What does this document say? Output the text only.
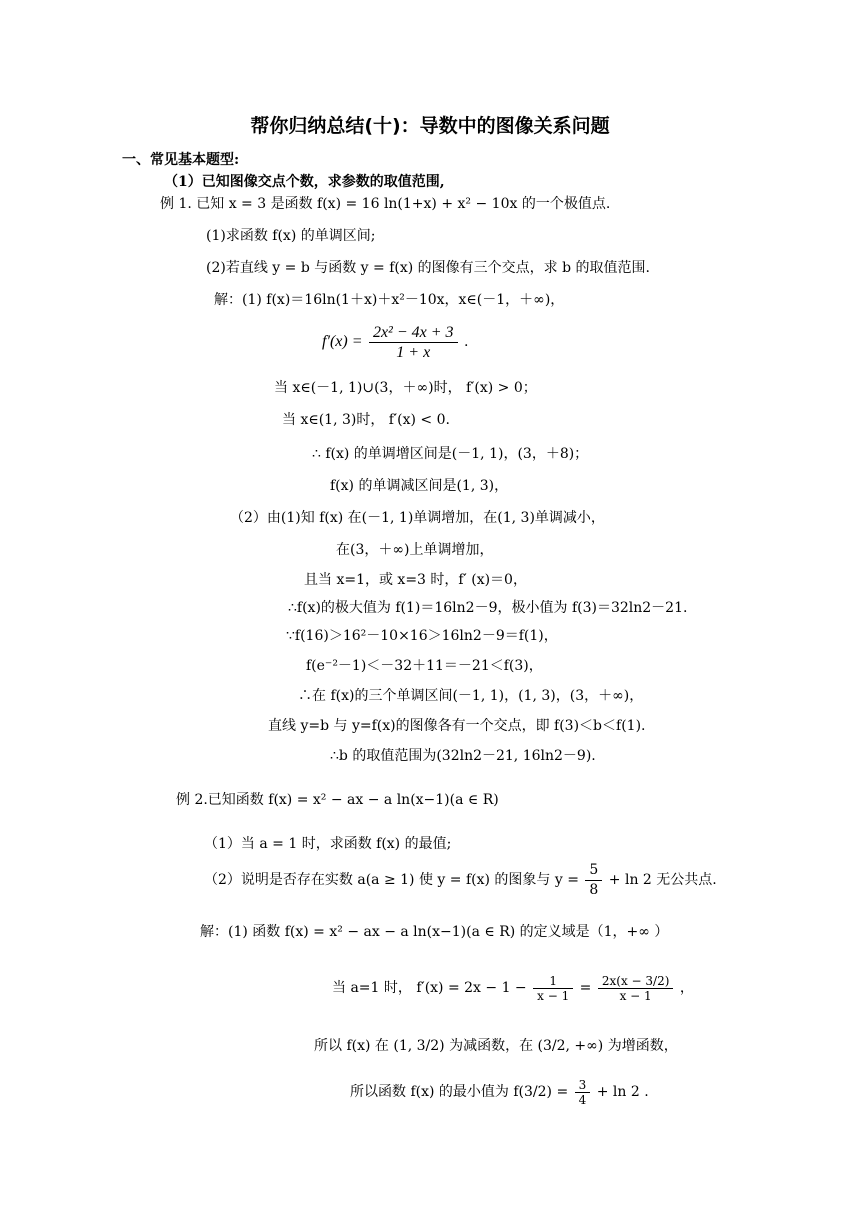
帮你归纳总结(十)：导数中的图像关系问题
一、常见基本题型:
（1）已知图像交点个数，求参数的取值范围,
例 1. 已知 x = 3 是函数 f(x) = 16 ln(1+x) + x² − 10x 的一个极值点.
(1)求函数 f(x) 的单调区间;
(2)若直线 y = b 与函数 y = f(x) 的图像有三个交点，求 b 的取值范围.
解：(1) f(x)＝16ln(1＋x)＋x²－10x，x∈(－1，＋∞)，
$f'(x) = \frac{\text{2x² − 4x + 3}}{1 + x}$ .
当 x∈(－1, 1)∪(3，＋∞)时， f′(x) > 0；
当 x∈(1, 3)时， f′(x) < 0.
∴ f(x) 的单调增区间是(－1, 1)，(3，＋8)；
f(x) 的单调减区间是(1, 3)，
（2）由(1)知 f(x) 在(－1, 1)单调增加，在(1, 3)单调减小，
在(3，＋∞)上单调增加，
且当 x=1，或 x=3 时，f′ (x)＝0，
∴f(x)的极大值为 f(1)＝16ln2－9，极小值为 f(3)＝32ln2－21.
∵f(16)＞16²－10×16＞16ln2－9＝f(1)，
f(e⁻²－1)＜－32＋11＝－21＜f(3)，
∴在 f(x)的三个单调区间(－1, 1)，(1, 3)，(3，＋∞)，
直线 y=b 与 y=f(x)的图像各有一个交点，即 f(3)＜b＜f(1).
∴b 的取值范围为(32ln2－21, 16ln2－9).
例 2.已知函数 f(x) = x² − ax − a ln(x−1)(a ∈ R)
（1）当 a = 1 时，求函数 f(x) 的最值;
（2）说明是否存在实数 a(a ≥ 1) 使 y = f(x) 的图象与 $y = \frac{5}{8} + \ln 2$ 无公共点.
解：(1) 函数 f(x) = x² − ax − a ln(x−1)(a ∈ R) 的定义域是（1，+∞ ）
当 a=1 时， $f'(x) = 2x - 1 - \frac{1}{x - 1} = \frac{2x(x - 3/2)}{x - 1}$ ，
所以 f(x) 在 (1, 3/2) 为减函数，在 (3/2, +∞) 为增函数，
所以函数 f(x) 的最小值为 $f(3/2) = \frac{3}{4} + \ln 2$ .
